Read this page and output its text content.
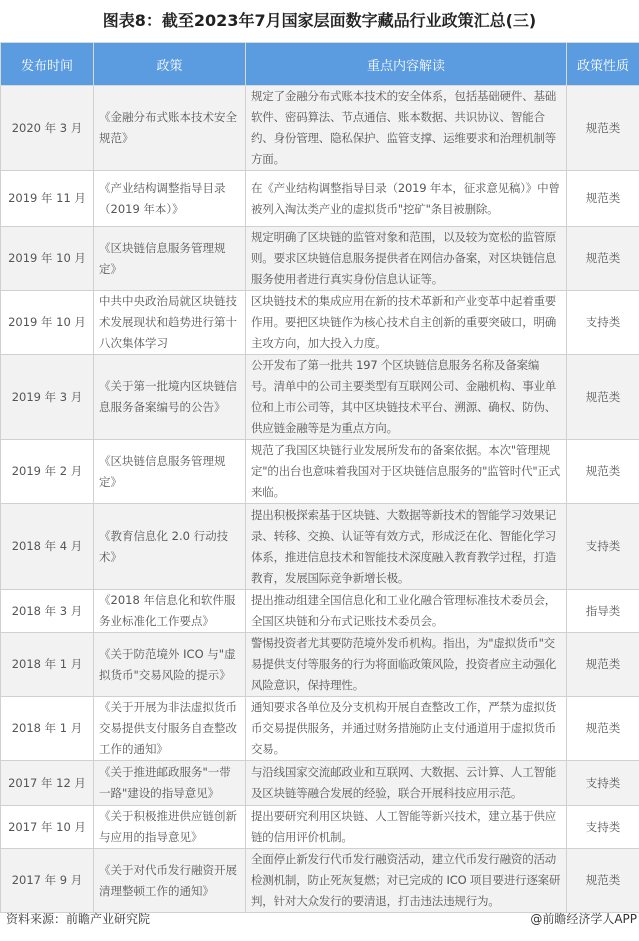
图表8：截至2023年7月国家层面数字藏品行业政策汇总(三)
发布时间	政策	重点内容解读	政策性质
2020 年 3 月	《金融分布式账本技术安全规范》	规定了金融分布式账本技术的安全体系，包括基础硬件、基础软件、密码算法、节点通信、账本数据、共识协议、智能合约、身份管理、隐私保护、监管支撑、运维要求和治理机制等方面。	规范类
2019 年 11 月	《产业结构调整指导目录（2019 年本）》	在《产业结构调整指导目录（2019 年本，征求意见稿）》中曾被列入淘汰类产业的虚拟货币"挖矿"条目被删除。	规范类
2019 年 10 月	《区块链信息服务管理规定》	规定明确了区块链的监管对象和范围，以及较为宽松的监管原则。要求区块链信息服务提供者在网信办备案，对区块链信息服务使用者进行真实身份信息认证等。	规范类
2019 年 10 月	中共中央政治局就区块链技术发展现状和趋势进行第十八次集体学习	区块链技术的集成应用在新的技术革新和产业变革中起着重要作用。要把区块链作为核心技术自主创新的重要突破口，明确主攻方向，加大投入力度。	支持类
2019 年 3 月	《关于第一批境内区块链信息服务备案编号的公告》	公开发布了第一批共 197 个区块链信息服务名称及备案编号。清单中的公司主要类型有互联网公司、金融机构、事业单位和上市公司等，其中区块链技术平台、溯源、确权、防伪、供应链金融等是为重点方向。	规范类
2019 年 2 月	《区块链信息服务管理规定》	规范了我国区块链行业发展所发布的备案依据。本次"管理规定"的出台也意味着我国对于区块链信息服务的"监管时代"正式来临。	规范类
2018 年 4 月	《教育信息化 2.0 行动技术》	提出积极探索基于区块链、大数据等新技术的智能学习效果记录、转移、交换、认证等有效方式，形成泛在化、智能化学习体系，推进信息技术和智能技术深度融入教育教学过程，打造教育，发展国际竞争新增长极。	支持类
2018 年 3 月	《2018 年信息化和软件服务业标准化工作要点》	提出推动组建全国信息化和工业化融合管理标准技术委员会，全国区块链和分布式记账技术委员会。	指导类
2018 年 1 月	《关于防范境外 ICO 与"虚拟货币"交易风险的提示》	警惕投资者尤其要防范境外发币机构。指出，为"虚拟货币"交易提供支付等服务的行为将面临政策风险，投资者应主动强化风险意识，保持理性。	规范类
2018 年 1 月	《关于开展为非法虚拟货币交易提供支付服务自查整改工作的通知》	通知要求各单位及分支机构开展自查整改工作，严禁为虚拟货币交易提供服务，并通过财务措施防止支付通道用于虚拟货币交易。	规范类
2017 年 12 月	《关于推进邮政服务"一带一路"建设的指导意见》	与沿线国家交流邮政业和互联网、大数据、云计算、人工智能及区块链等融合发展的经验，联合开展科技应用示范。	支持类
2017 年 10 月	《关于积极推进供应链创新与应用的指导意见》	提出要研究利用区块链、人工智能等新兴技术，建立基于供应链的信用评价机制。	支持类
2017 年 9 月	《关于对代币发行融资开展清理整顿工作的通知》	全面停止新发行代币发行融资活动，建立代币发行融资的活动检测机制，防止死灰复燃；对已完成的 ICO 项目要进行逐案研判，针对大众发行的要清退，打击违法违规行为。	规范类
资料来源：前瞻产业研究院	@前瞻经济学人APP
